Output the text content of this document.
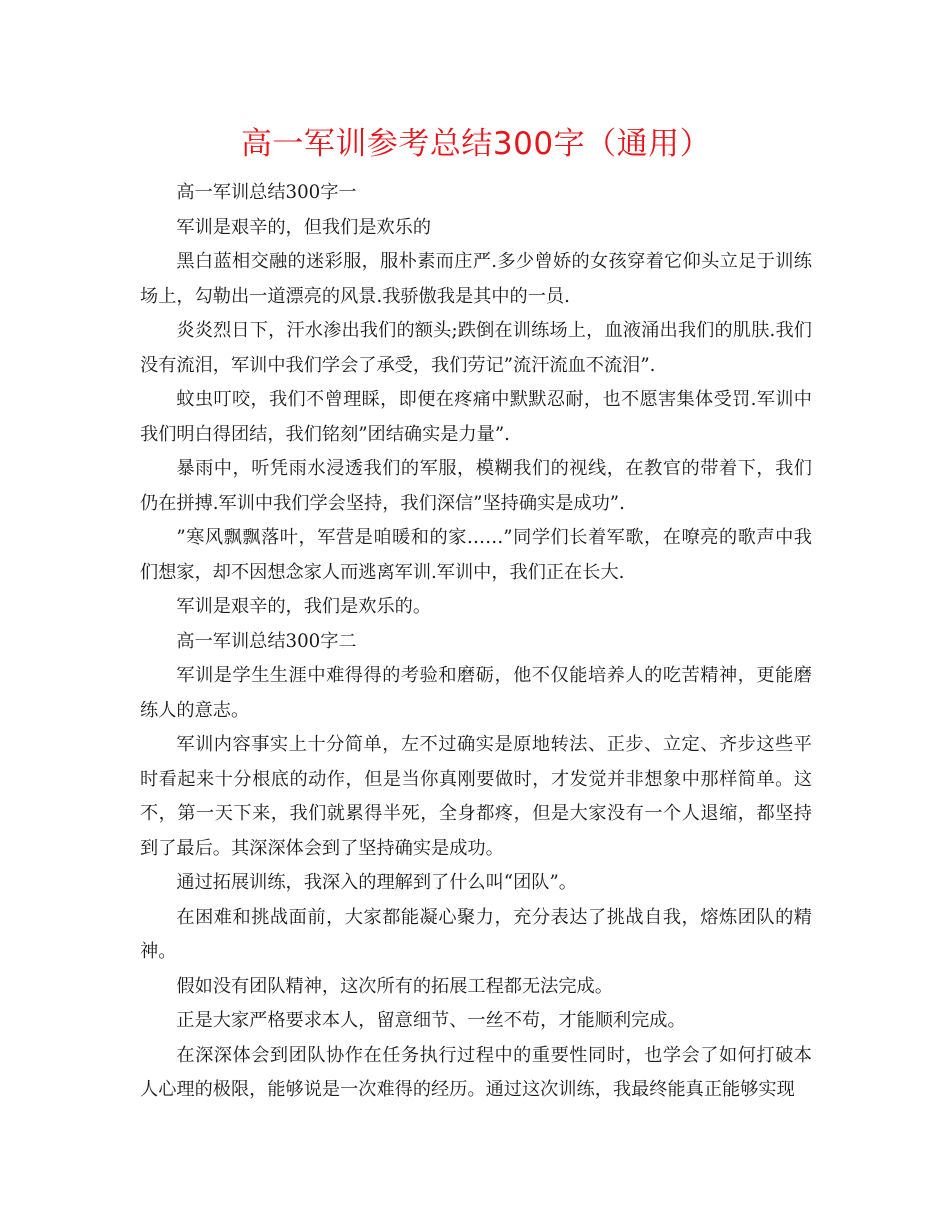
高一军训参考总结300字（通用）

高一军训总结300字一

军训是艰辛的，但我们是欢乐的

黑白蓝相交融的迷彩服，服朴素而庄严.多少曾娇的女孩穿着它仰头立足于训练场上，勾勒出一道漂亮的风景.我骄傲我是其中的一员.

炎炎烈日下，汗水渗出我们的额头;跌倒在训练场上，血液涌出我们的肌肤.我们没有流泪，军训中我们学会了承受，我们劳记”流汗流血不流泪”.

蚊虫叮咬，我们不曾理睬，即便在疼痛中默默忍耐，也不愿害集体受罚.军训中我们明白得团结，我们铭刻”团结确实是力量”.

暴雨中，听凭雨水浸透我们的军服，模糊我们的视线，在教官的带着下，我们仍在拼搏.军训中我们学会坚持，我们深信”坚持确实是成功”.

”寒风飘飘落叶，军营是咱暖和的家……”同学们长着军歌，在嘹亮的歌声中我们想家，却不因想念家人而逃离军训.军训中，我们正在长大.

军训是艰辛的，我们是欢乐的。

高一军训总结300字二

军训是学生生涯中难得得的考验和磨砺，他不仅能培养人的吃苦精神，更能磨练人的意志。

军训内容事实上十分简单，左不过确实是原地转法、正步、立定、齐步这些平时看起来十分根底的动作，但是当你真刚要做时，才发觉并非想象中那样简单。这不，第一天下来，我们就累得半死，全身都疼，但是大家没有一个人退缩，都坚持到了最后。其深深体会到了坚持确实是成功。

通过拓展训练，我深入的理解到了什么叫“团队”。

在困难和挑战面前，大家都能凝心聚力，充分表达了挑战自我，熔炼团队的精神。

假如没有团队精神，这次所有的拓展工程都无法完成。

正是大家严格要求本人，留意细节、一丝不苟，才能顺利完成。

在深深体会到团队协作在任务执行过程中的重要性同时，也学会了如何打破本人心理的极限，能够说是一次难得的经历。通过这次训练，我最终能真正能够实现
